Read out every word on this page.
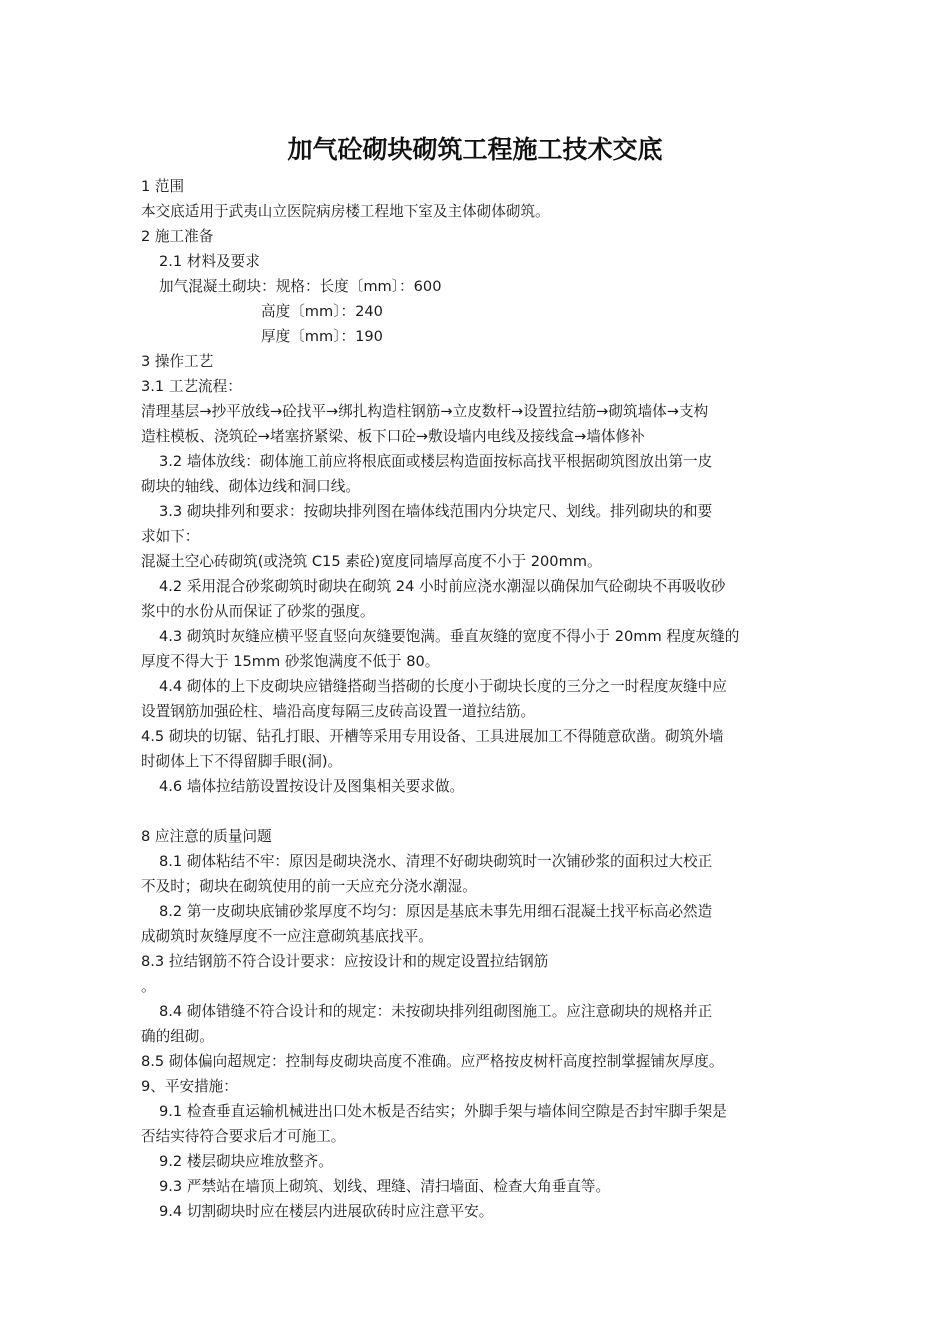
加气砼砌块砌筑工程施工技术交底
1 范围
本交底适用于武夷山立医院病房楼工程地下室及主体砌体砌筑。
2 施工准备
2.1 材料及要求
加气混凝土砌块：规格：长度〔mm〕：600
高度〔mm〕：240
厚度〔mm〕：190
3 操作工艺
3.1 工艺流程：
清理基层→抄平放线→砼找平→绑扎构造柱钢筋→立皮数杆→设置拉结筋→砌筑墙体→支构
造柱模板、浇筑砼→堵塞挤紧梁、板下口砼→敷设墙内电线及接线盒→墙体修补
3.2 墙体放线：砌体施工前应将根底面或楼层构造面按标高找平根据砌筑图放出第一皮
砌块的轴线、砌体边线和洞口线。
3.3 砌块排列和要求：按砌块排列图在墙体线范围内分块定尺、划线。排列砌块的和要
求如下：
混凝土空心砖砌筑(或浇筑 C15 素砼)宽度同墙厚高度不小于 200mm。
4.2 采用混合砂浆砌筑时砌块在砌筑 24 小时前应浇水潮湿以确保加气砼砌块不再吸收砂
浆中的水份从而保证了砂浆的强度。
4.3 砌筑时灰缝应横平竖直竖向灰缝要饱满。垂直灰缝的宽度不得小于 20mm 程度灰缝的
厚度不得大于 15mm 砂浆饱满度不低于 80。
4.4 砌体的上下皮砌块应错缝搭砌当搭砌的长度小于砌块长度的三分之一时程度灰缝中应
设置钢筋加强砼柱、墙沿高度每隔三皮砖高设置一道拉结筋。
4.5 砌块的切锯、钻孔打眼、开槽等采用专用设备、工具进展加工不得随意砍凿。砌筑外墙
时砌体上下不得留脚手眼(洞)。
4.6 墙体拉结筋设置按设计及图集相关要求做。
8 应注意的质量问题
8.1 砌体粘结不牢：原因是砌块浇水、清理不好砌块砌筑时一次铺砂浆的面积过大校正
不及时；砌块在砌筑使用的前一天应充分浇水潮湿。
8.2 第一皮砌块底铺砂浆厚度不均匀：原因是基底未事先用细石混凝土找平标高必然造
成砌筑时灰缝厚度不一应注意砌筑基底找平。
8.3 拉结钢筋不符合设计要求：应按设计和的规定设置拉结钢筋
。
8.4 砌体错缝不符合设计和的规定：未按砌块排列组砌图施工。应注意砌块的规格并正
确的组砌。
8.5 砌体偏向超规定：控制每皮砌块高度不准确。应严格按皮树杆高度控制掌握铺灰厚度。
9、平安措施：
9.1 检查垂直运输机械进出口处木板是否结实；外脚手架与墙体间空隙是否封牢脚手架是
否结实待符合要求后才可施工。
9.2 楼层砌块应堆放整齐。
9.3 严禁站在墙顶上砌筑、划线、理缝、清扫墙面、检查大角垂直等。
9.4 切割砌块时应在楼层内进展砍砖时应注意平安。
